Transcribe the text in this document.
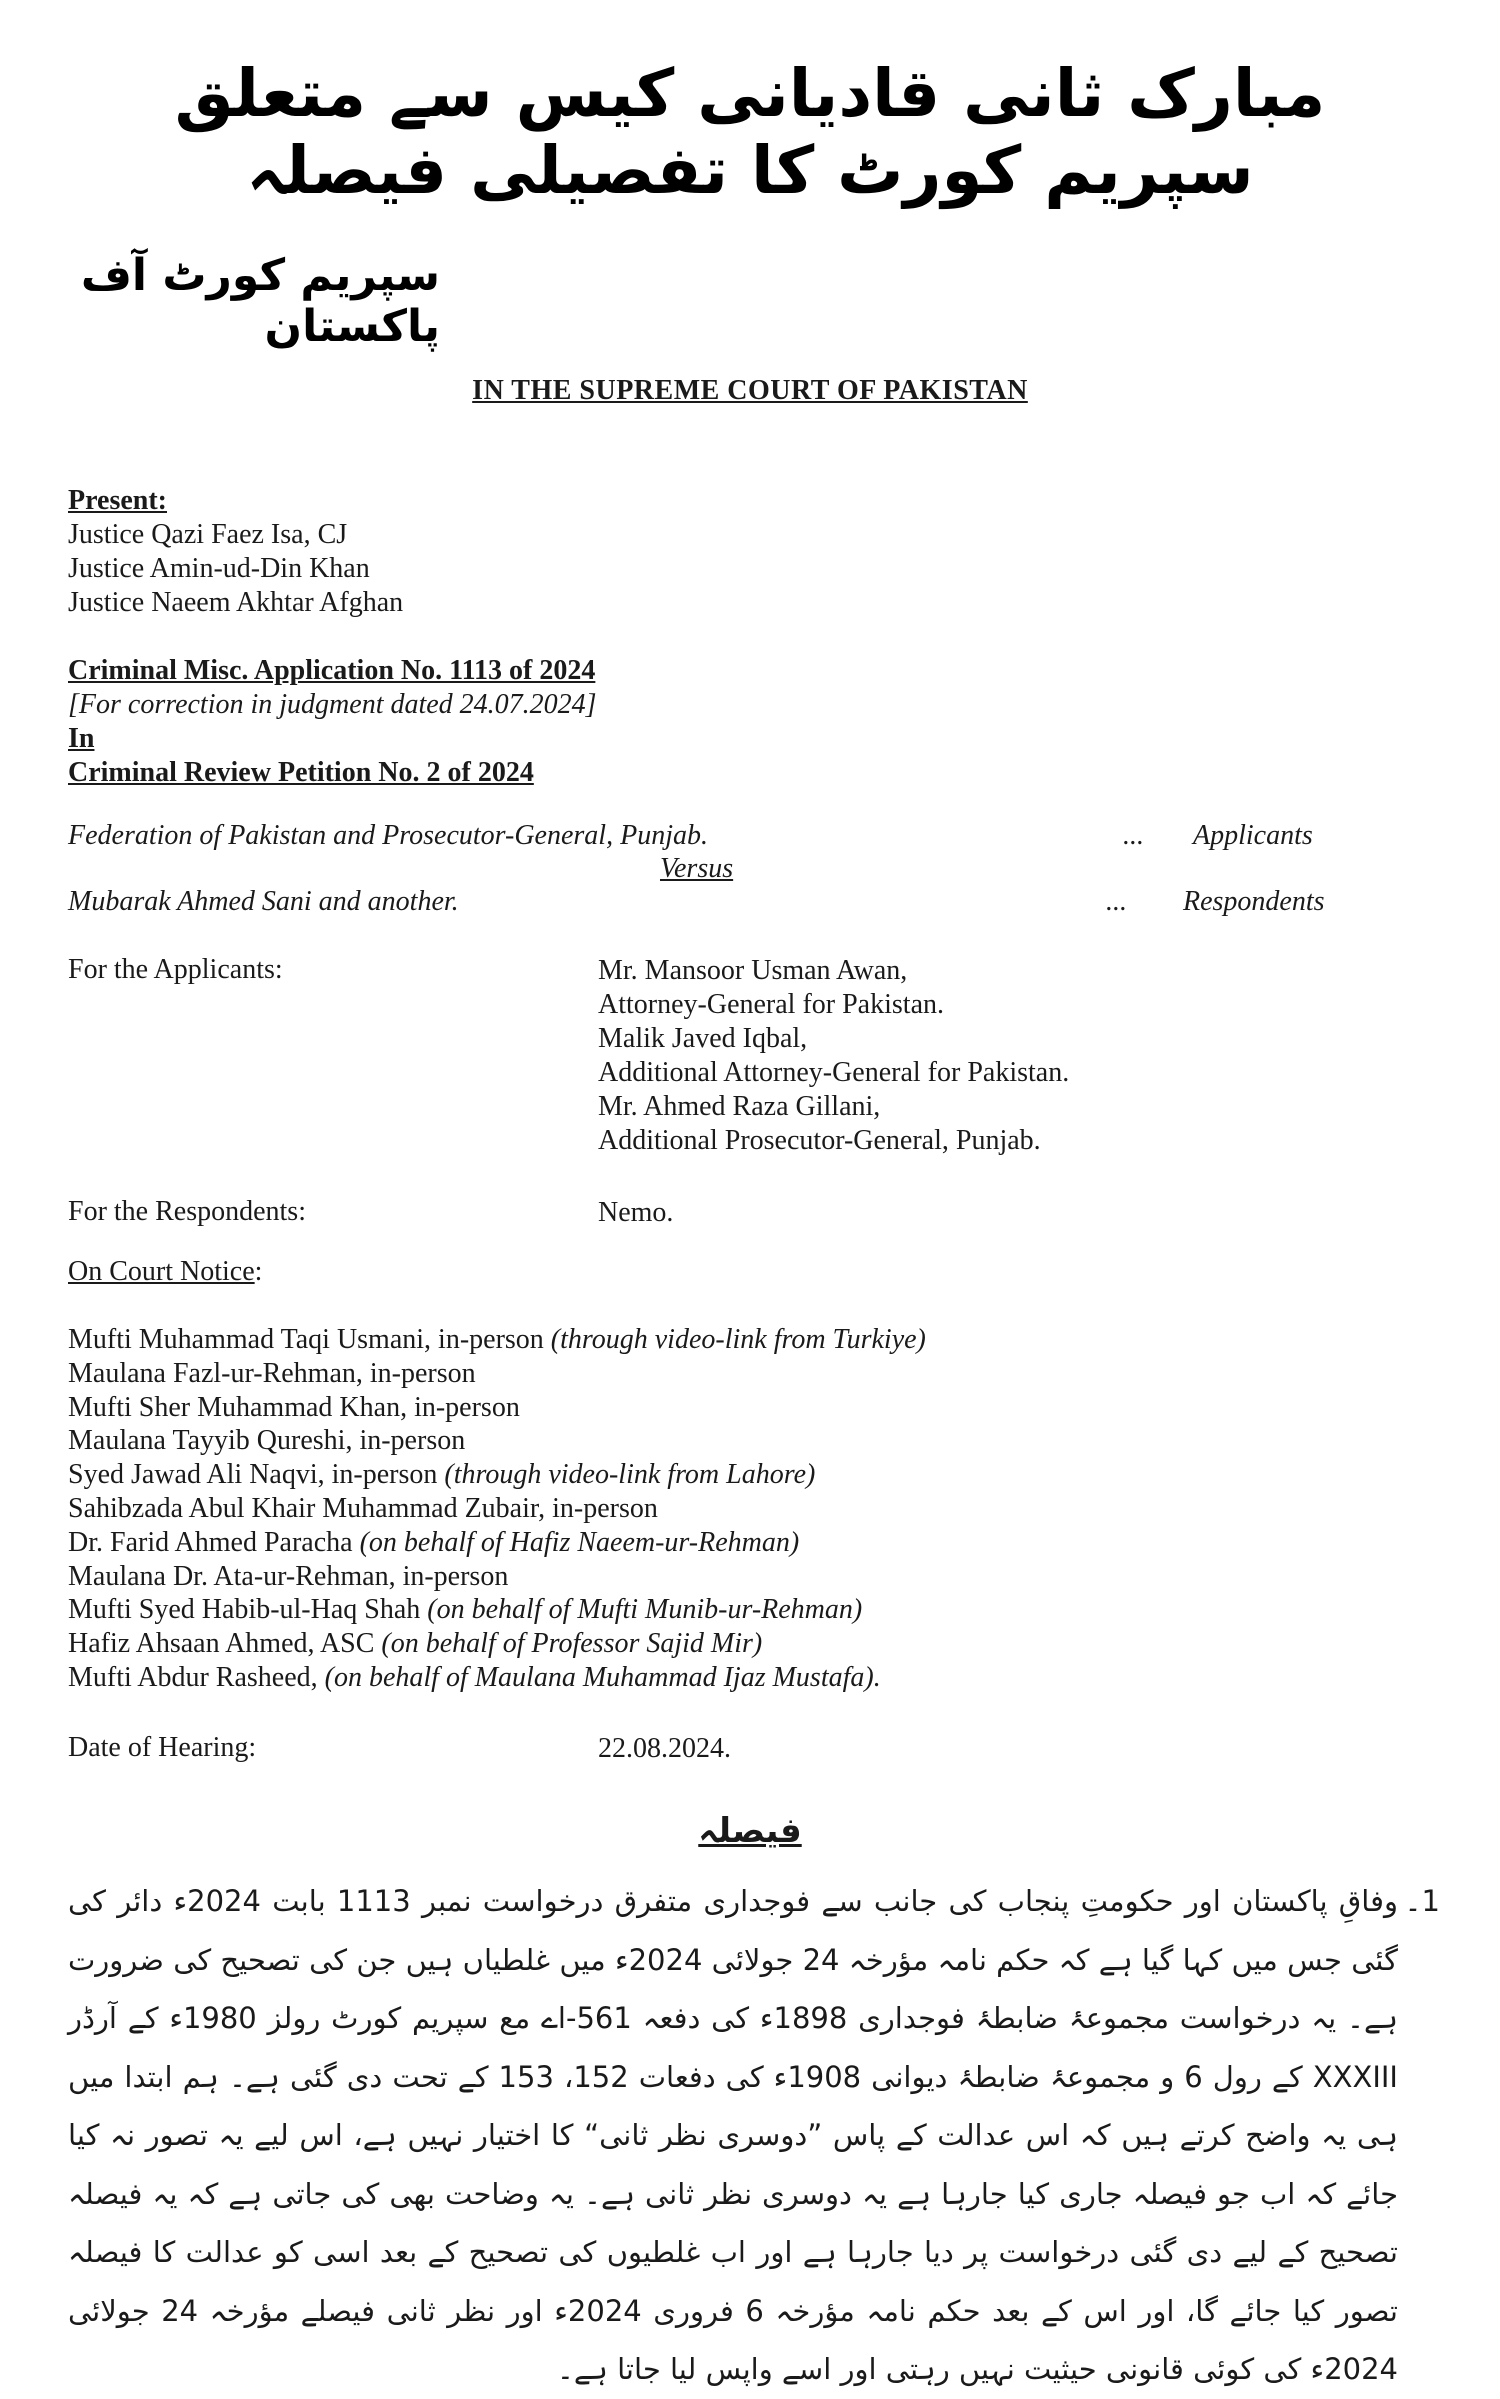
مبارک ثانی قادیانی کیس سے متعلق سپریم کورٹ کا تفصیلی فیصلہ
سپریم کورٹ آف پاکستان
IN THE SUPREME COURT OF PAKISTAN
Present:
Justice Qazi Faez Isa, CJ
Justice Amin-ud-Din Khan
Justice Naeem Akhtar Afghan
Criminal Misc. Application No. 1113 of 2024
[For correction in judgment dated 24.07.2024]
In
Criminal Review Petition No. 2 of 2024
Federation of Pakistan and Prosecutor-General, Punjab.	... Applicants
Versus
Mubarak Ahmed Sani and another.	... Respondents
For the Applicants:	Mr. Mansoor Usman Awan,
Attorney-General for Pakistan.
Malik Javed Iqbal,
Additional Attorney-General for Pakistan.
Mr. Ahmed Raza Gillani,
Additional Prosecutor-General, Punjab.
For the Respondents:	Nemo.
On Court Notice:
Mufti Muhammad Taqi Usmani, in-person (through video-link from Turkiye)
Maulana Fazl-ur-Rehman, in-person
Mufti Sher Muhammad Khan, in-person
Maulana Tayyib Qureshi, in-person
Syed Jawad Ali Naqvi, in-person (through video-link from Lahore)
Sahibzada Abul Khair Muhammad Zubair, in-person
Dr. Farid Ahmed Paracha (on behalf of Hafiz Naeem-ur-Rehman)
Maulana Dr. Ata-ur-Rehman, in-person
Mufti Syed Habib-ul-Haq Shah (on behalf of Mufti Munib-ur-Rehman)
Hafiz Ahsaan Ahmed, ASC (on behalf of Professor Sajid Mir)
Mufti Abdur Rasheed, (on behalf of Maulana Muhammad Ijaz Mustafa).
Date of Hearing:	22.08.2024.
فیصلہ
1۔
وفاقِ پاکستان اور حکومتِ پنجاب کی جانب سے فوجداری متفرق درخواست نمبر 1113 بابت 2024ء دائر کی گئی جس میں کہا گیا ہے کہ حکم نامہ مؤرخہ 24 جولائی 2024ء میں غلطیاں ہیں جن کی تصحیح کی ضرورت ہے۔ یہ درخواست مجموعۂ ضابطۂ فوجداری 1898ء کی دفعہ 561-اے مع سپریم کورٹ رولز 1980ء کے آرڈر XXXIII کے رول 6 و مجموعۂ ضابطۂ دیوانی 1908ء کی دفعات 152، 153 کے تحت دی گئی ہے۔ ہم ابتدا میں ہی یہ واضح کرتے ہیں کہ اس عدالت کے پاس ”دوسری نظر ثانی“ کا اختیار نہیں ہے، اس لیے یہ تصور نہ کیا جائے کہ اب جو فیصلہ جاری کیا جارہا ہے یہ دوسری نظر ثانی ہے۔ یہ وضاحت بھی کی جاتی ہے کہ یہ فیصلہ تصحیح کے لیے دی گئی درخواست پر دیا جارہا ہے اور اب غلطیوں کی تصحیح کے بعد اسی کو عدالت کا فیصلہ تصور کیا جائے گا، اور اس کے بعد حکم نامہ مؤرخہ 6 فروری 2024ء اور نظر ثانی فیصلے مؤرخہ 24 جولائی 2024ء کی کوئی قانونی حیثیت نہیں رہتی اور اسے واپس لیا جاتا ہے۔
